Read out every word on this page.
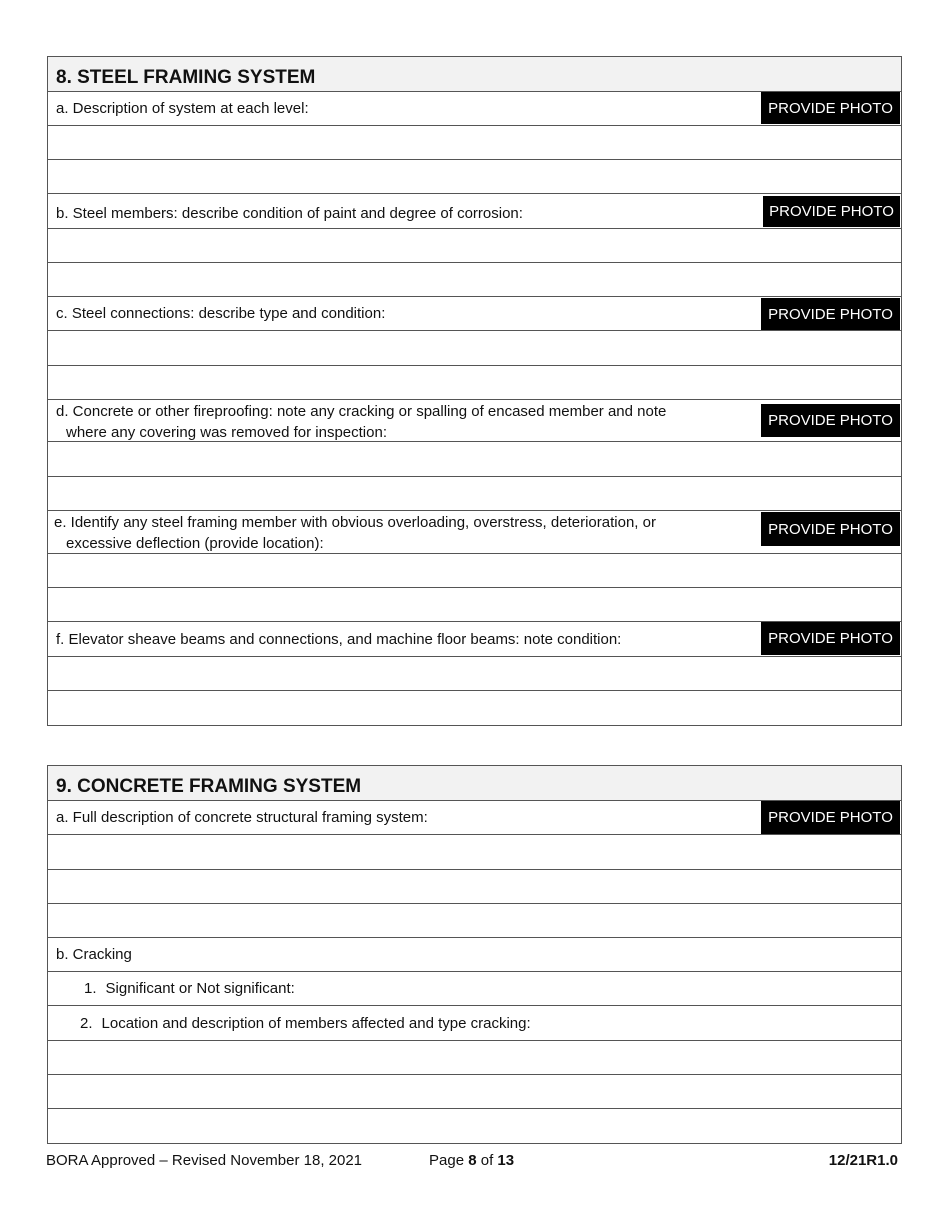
8. STEEL FRAMING SYSTEM
a. Description of system at each level:	PROVIDE PHOTO
b. Steel members: describe condition of paint and degree of corrosion:	PROVIDE PHOTO
c. Steel connections: describe type and condition:	PROVIDE PHOTO
d. Concrete or other fireproofing: note any cracking or spalling of encased member and note
where any covering was removed for inspection:
PROVIDE PHOTO
e. Identify any steel framing member with obvious overloading, overstress, deterioration, or
excessive deflection (provide location):
PROVIDE PHOTO
f. Elevator sheave beams and connections, and machine floor beams: note condition:	PROVIDE PHOTO
9. CONCRETE FRAMING SYSTEM
a. Full description of concrete structural framing system:	PROVIDE PHOTO
b. Cracking
1. Significant or Not significant:
2. Location and description of members affected and type cracking:
BORA Approved – Revised November 18, 2021	Page 8 of 13	12/21R1.0
